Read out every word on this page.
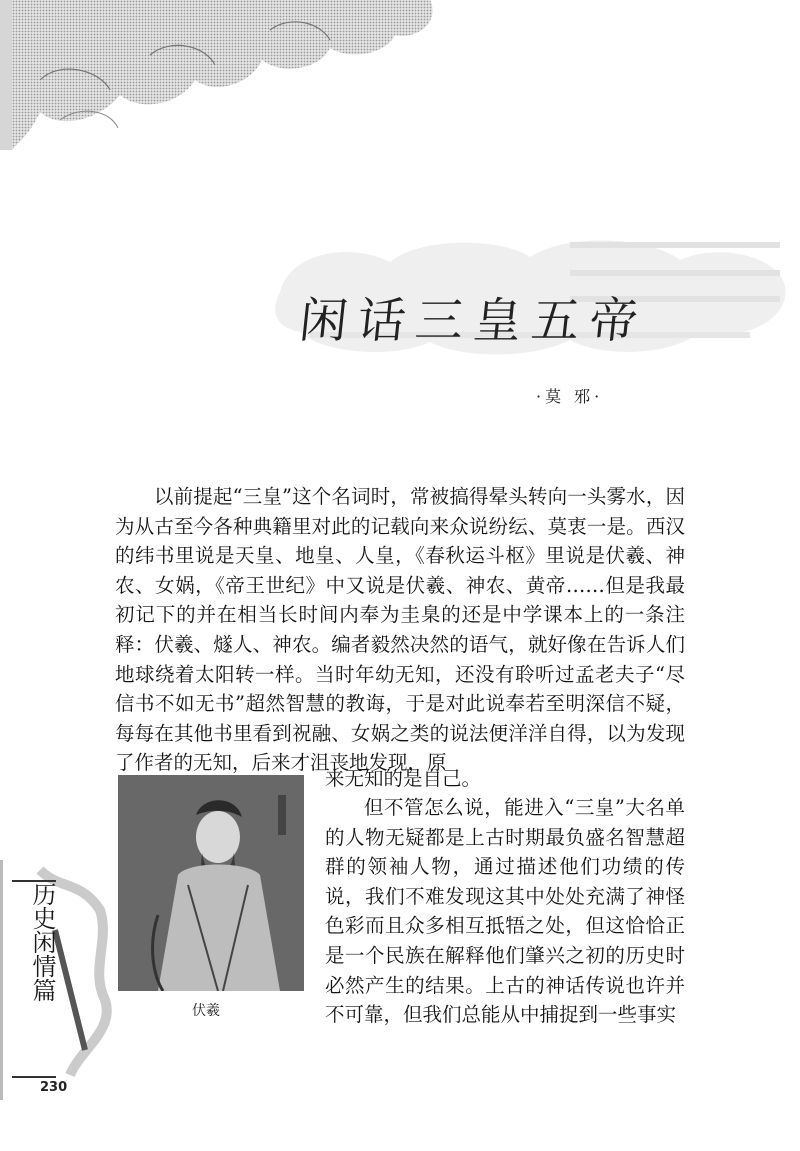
闲话三皇五帝
·莫 邪·

以前提起“三皇”这个名词时，常被搞得晕头转向一头雾水，因为从古至今各种典籍里对此的记载向来众说纷纭、莫衷一是。西汉的纬书里说是天皇、地皇、人皇，《春秋运斗枢》里说是伏羲、神农、女娲，《帝王世纪》中又说是伏羲、神农、黄帝……但是我最初记下的并在相当长时间内奉为圭臬的还是中学课本上的一条注释：伏羲、燧人、神农。编者毅然决然的语气，就好像在告诉人们地球绕着太阳转一样。当时年幼无知，还没有聆听过孟老夫子“尽信书不如无书”超然智慧的教诲，于是对此说奉若至明深信不疑，每每在其他书里看到祝融、女娲之类的说法便洋洋自得，以为发现了作者的无知，后来才沮丧地发现，原

来无知的是自己。

但不管怎么说，能进入“三皇”大名单的人物无疑都是上古时期最负盛名智慧超群的领袖人物，通过描述他们功绩的传说，我们不难发现这其中处处充满了神怪色彩而且众多相互抵牾之处，但这恰恰正是一个民族在解释他们肇兴之初的历史时必然产生的结果。上古的神话传说也许并不可靠，但我们总能从中捕捉到一些事实

伏羲
历史闲情篇
230
